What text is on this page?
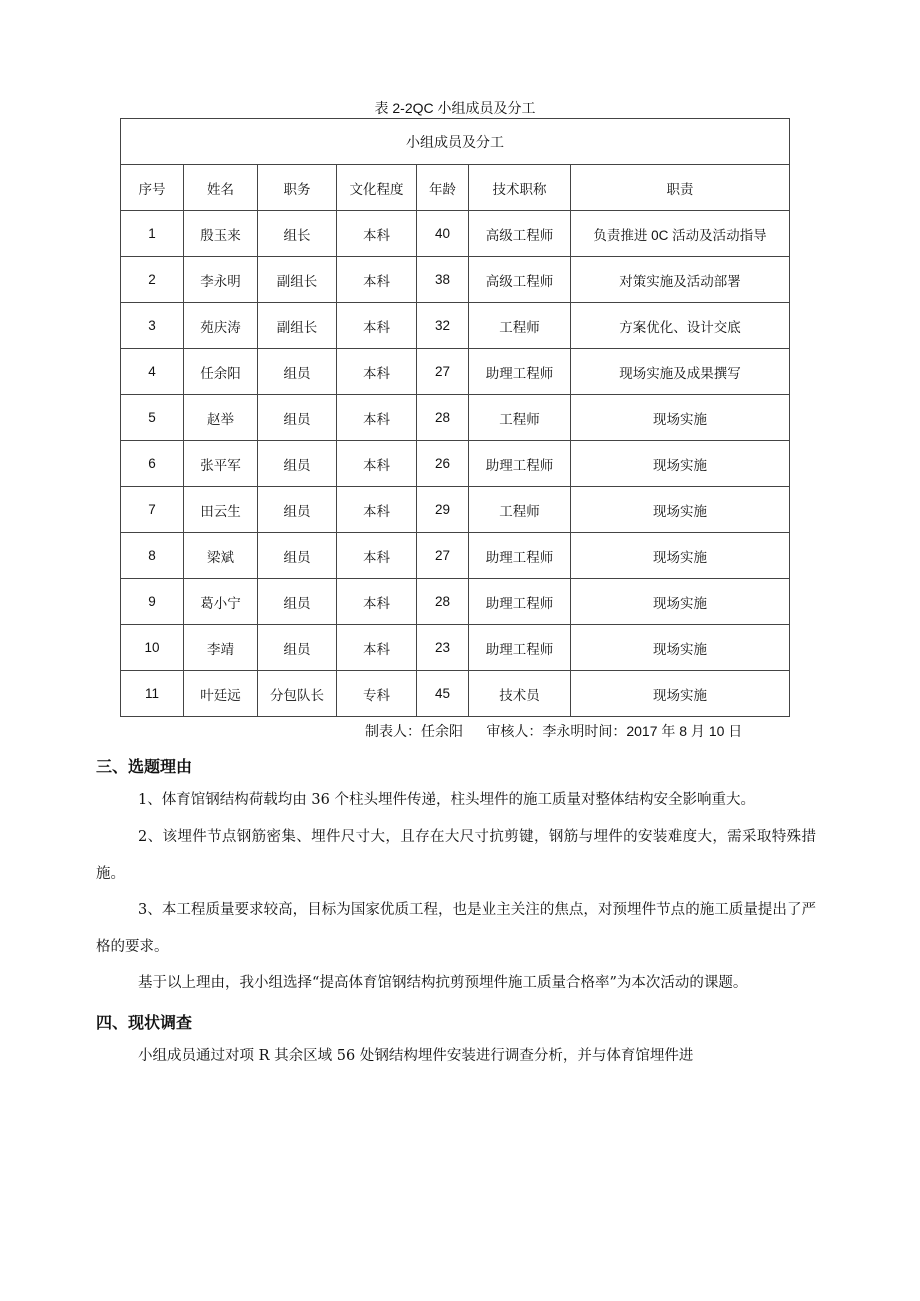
表 2-2QC 小组成员及分工
小组成员及分工						
序号	姓名	职务	文化程度	年龄	技术职称	职责
1	殷玉来	组长	本科	40	高级工程师	负责推进 0C 活动及活动指导
2	李永明	副组长	本科	38	高级工程师	对策实施及活动部署
3	苑庆涛	副组长	本科	32	工程师	方案优化、设计交底
4	任余阳	组员	本科	27	助理工程师	现场实施及成果撰写
5	赵举	组员	本科	28	工程师	现场实施
6	张平军	组员	本科	26	助理工程师	现场实施
7	田云生	组员	本科	29	工程师	现场实施
8	梁斌	组员	本科	27	助理工程师	现场实施
9	葛小宁	组员	本科	28	助理工程师	现场实施
10	李靖	组员	本科	23	助理工程师	现场实施
11	叶廷远	分包队长	专科	45	技术员	现场实施
制表人：任余阳      审核人：李永明时间：2017 年 8 月 10 日
三、选题理由
1、体育馆钢结构荷载均由 36 个柱头埋件传递，柱头埋件的施工质量对整体结构安全影响重大。
2、该埋件节点钢筋密集、埋件尺寸大，且存在大尺寸抗剪键，钢筋与埋件的安装难度大，需采取特殊措施。
3、本工程质量要求较高，目标为国家优质工程，也是业主关注的焦点，对预埋件节点的施工质量提出了严格的要求。
基于以上理由，我小组选择“提高体育馆钢结构抗剪预埋件施工质量合格率”为本次活动的课题。
四、现状调查
小组成员通过对项 R 其余区域 56 处钢结构埋件安装进行调查分析，并与体育馆埋件进
